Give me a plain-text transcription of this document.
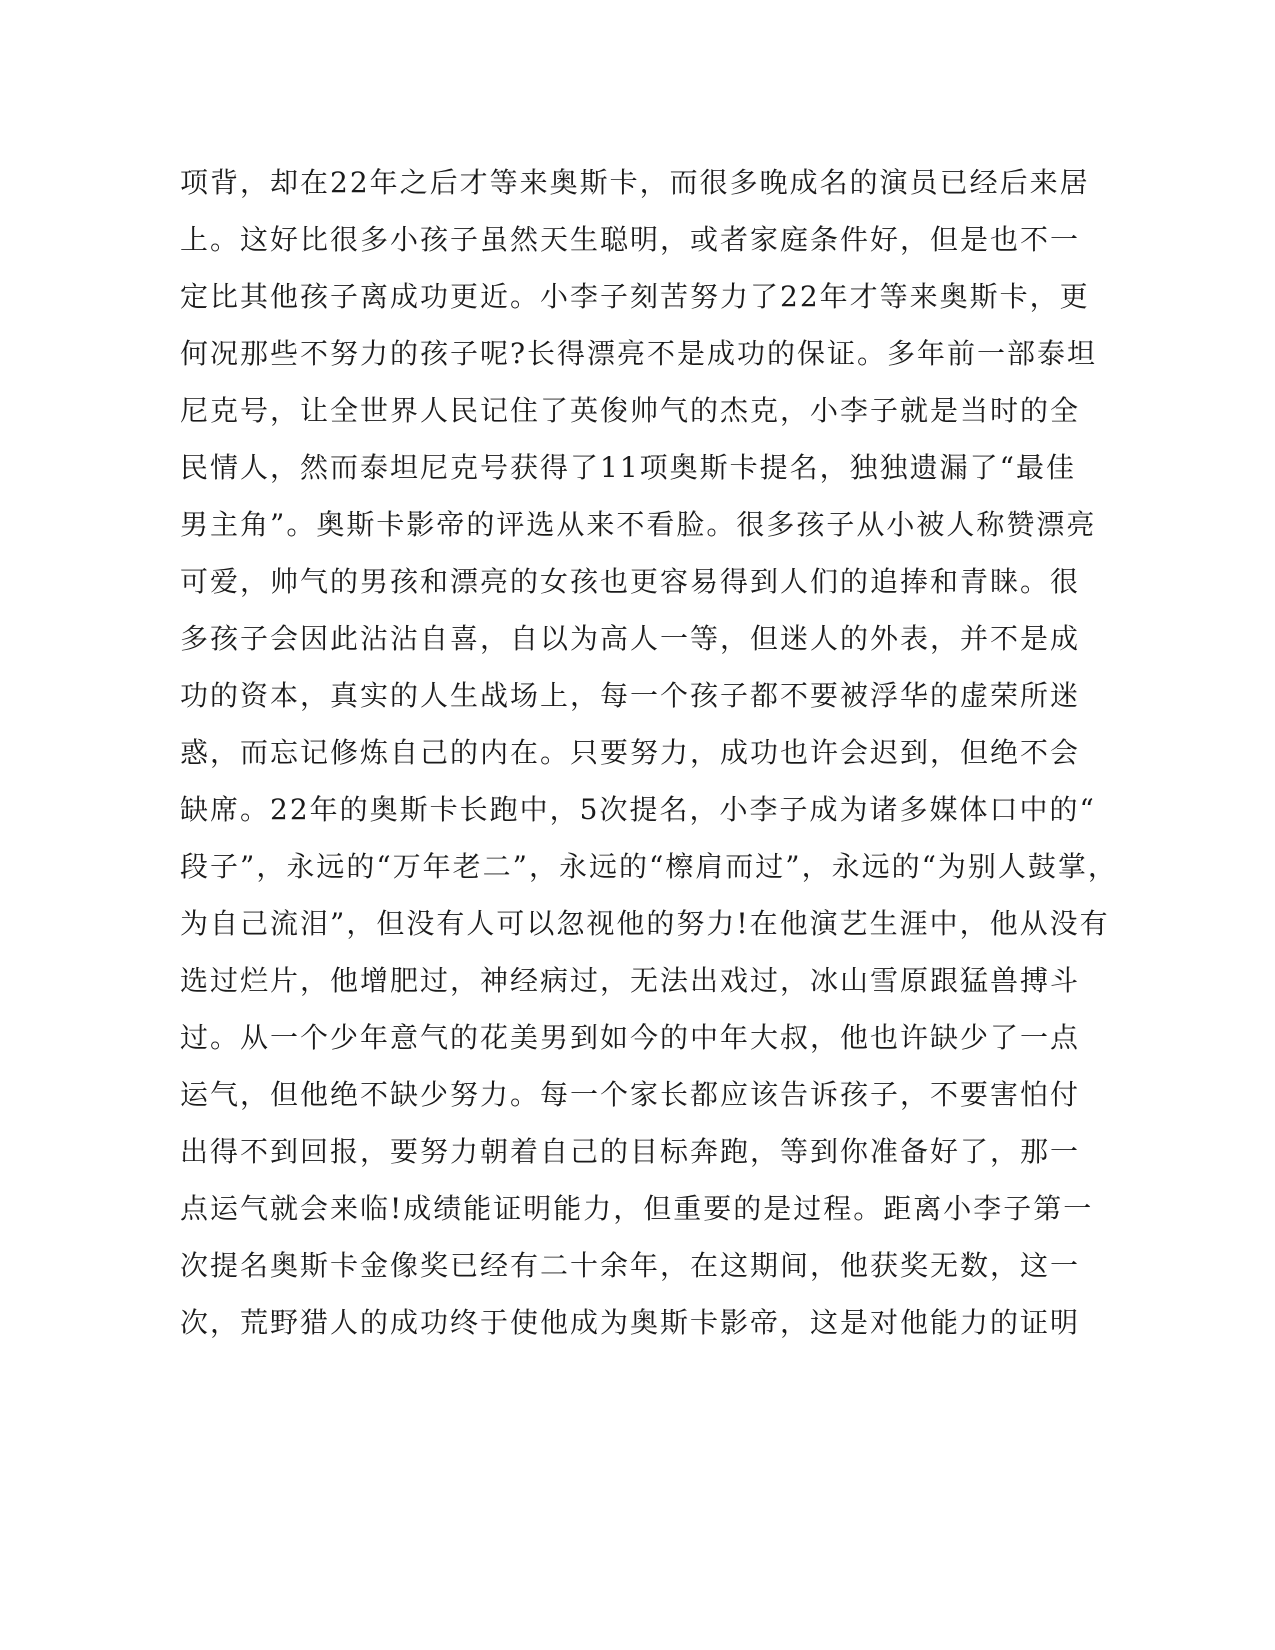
项背，却在22年之后才等来奥斯卡，而很多晚成名的演员已经后来居
上。这好比很多小孩子虽然天生聪明，或者家庭条件好，但是也不一
定比其他孩子离成功更近。小李子刻苦努力了22年才等来奥斯卡，更
何况那些不努力的孩子呢?长得漂亮不是成功的保证。多年前一部泰坦
尼克号，让全世界人民记住了英俊帅气的杰克，小李子就是当时的全
民情人，然而泰坦尼克号获得了11项奥斯卡提名，独独遗漏了“最佳
男主角”。奥斯卡影帝的评选从来不看脸。很多孩子从小被人称赞漂亮
可爱，帅气的男孩和漂亮的女孩也更容易得到人们的追捧和青睐。很
多孩子会因此沾沾自喜，自以为高人一等，但迷人的外表，并不是成
功的资本，真实的人生战场上，每一个孩子都不要被浮华的虚荣所迷
惑，而忘记修炼自己的内在。只要努力，成功也许会迟到，但绝不会
缺席。22年的奥斯卡长跑中，5次提名，小李子成为诸多媒体口中的“
段子”，永远的“万年老二”，永远的“檫肩而过”，永远的“为别人鼓掌，
为自己流泪”，但没有人可以忽视他的努力!在他演艺生涯中，他从没有
选过烂片，他增肥过，神经病过，无法出戏过，冰山雪原跟猛兽搏斗
过。从一个少年意气的花美男到如今的中年大叔，他也许缺少了一点
运气，但他绝不缺少努力。每一个家长都应该告诉孩子，不要害怕付
出得不到回报，要努力朝着自己的目标奔跑，等到你准备好了，那一
点运气就会来临!成绩能证明能力，但重要的是过程。距离小李子第一
次提名奥斯卡金像奖已经有二十余年，在这期间，他获奖无数，这一
次，荒野猎人的成功终于使他成为奥斯卡影帝，这是对他能力的证明
